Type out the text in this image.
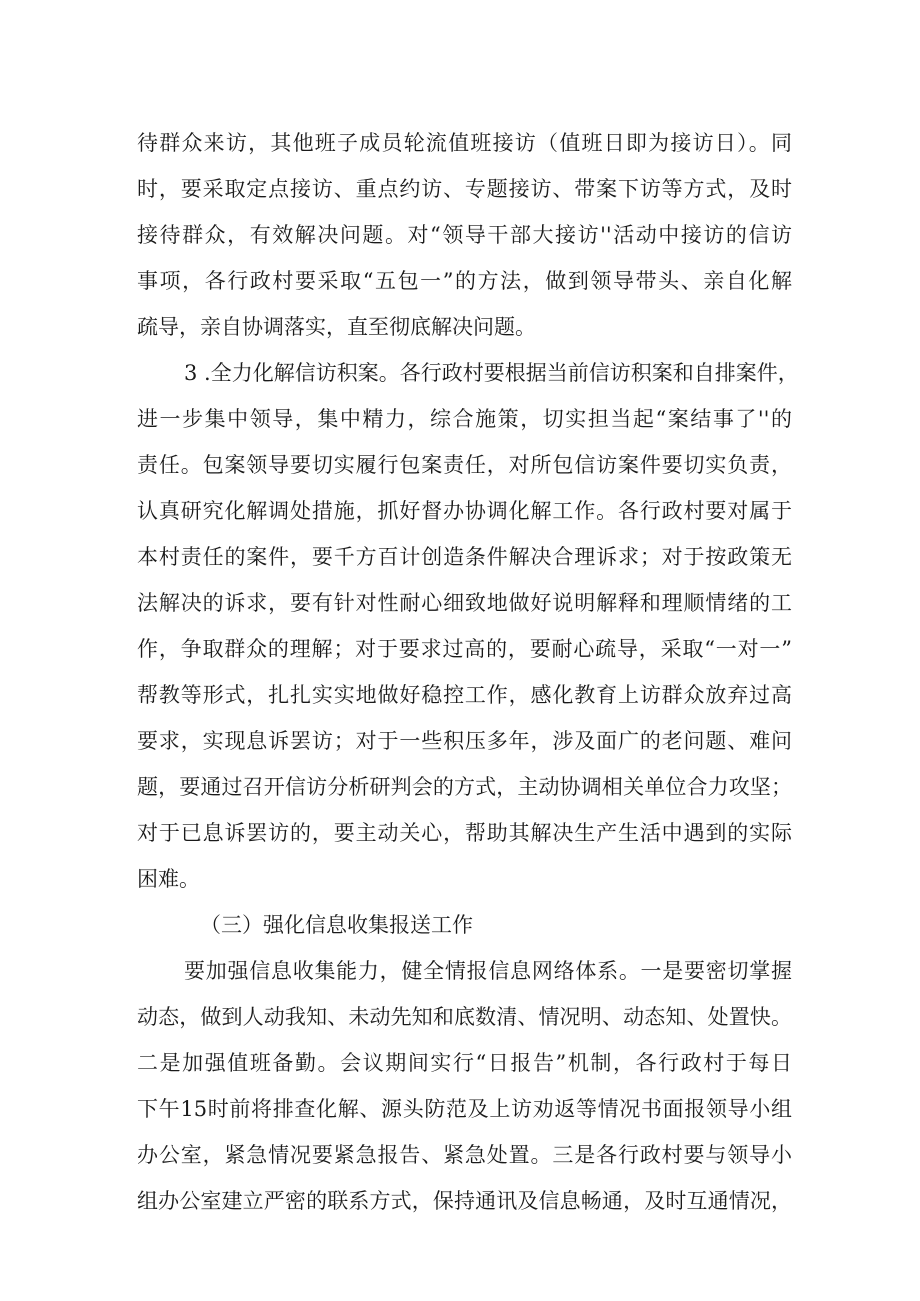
待群众来访，其他班子成员轮流值班接访（值班日即为接访日）。同
时，要采取定点接访、重点约访、专题接访、带案下访等方式，及时
接待群众，有效解决问题。对“领导干部大接访''活动中接访的信访
事项，各行政村要采取“五包一”的方法，做到领导带头、亲自化解
疏导，亲自协调落实，直至彻底解决问题。
3 .全力化解信访积案。各行政村要根据当前信访积案和自排案件，
进一步集中领导，集中精力，综合施策，切实担当起“案结事了''的
责任。包案领导要切实履行包案责任，对所包信访案件要切实负责，
认真研究化解调处措施，抓好督办协调化解工作。各行政村要对属于
本村责任的案件，要千方百计创造条件解决合理诉求；对于按政策无
法解决的诉求，要有针对性耐心细致地做好说明解释和理顺情绪的工
作，争取群众的理解；对于要求过高的，要耐心疏导，采取“一对一”
帮教等形式，扎扎实实地做好稳控工作，感化教育上访群众放弃过高
要求，实现息诉罢访；对于一些积压多年，涉及面广的老问题、难问
题，要通过召开信访分析研判会的方式，主动协调相关单位合力攻坚；
对于已息诉罢访的，要主动关心，帮助其解决生产生活中遇到的实际
困难。
（三）强化信息收集报送工作
要加强信息收集能力，健全情报信息网络体系。一是要密切掌握
动态，做到人动我知、未动先知和底数清、情况明、动态知、处置快。
二是加强值班备勤。会议期间实行“日报告”机制，各行政村于每日
下午15时前将排查化解、源头防范及上访劝返等情况书面报领导小组
办公室，紧急情况要紧急报告、紧急处置。三是各行政村要与领导小
组办公室建立严密的联系方式，保持通讯及信息畅通，及时互通情况，
